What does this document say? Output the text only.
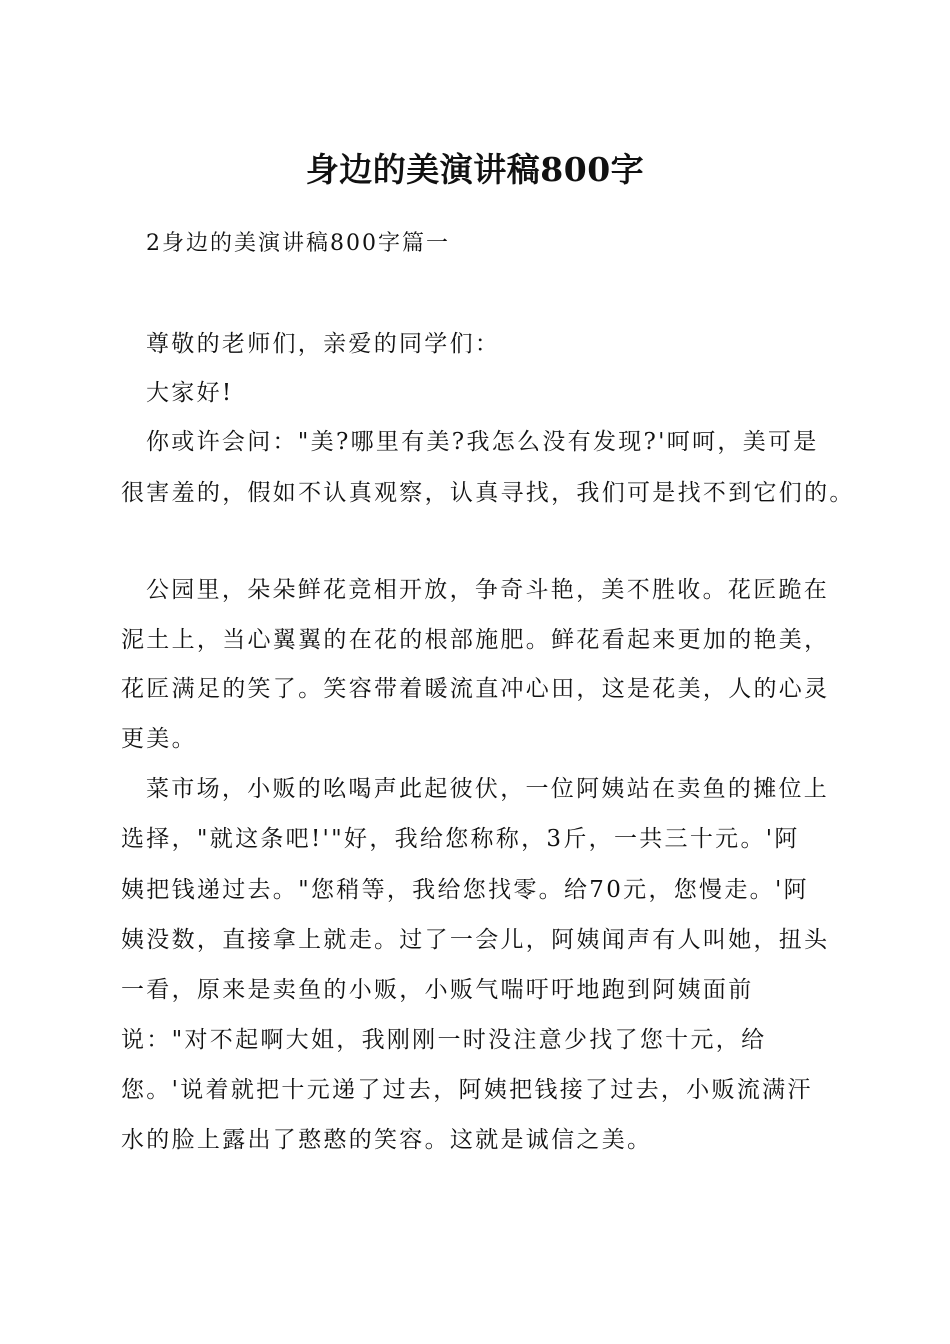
身边的美演讲稿800字
2身边的美演讲稿800字篇一
尊敬的老师们，亲爱的同学们：
大家好!
你或许会问："美?哪里有美?我怎么没有发现?'呵呵，美可是
很害羞的，假如不认真观察，认真寻找，我们可是找不到它们的。
公园里，朵朵鲜花竞相开放，争奇斗艳，美不胜收。花匠跪在
泥土上，当心翼翼的在花的根部施肥。鲜花看起来更加的艳美，
花匠满足的笑了。笑容带着暖流直冲心田，这是花美，人的心灵
更美。
菜市场，小贩的吆喝声此起彼伏，一位阿姨站在卖鱼的摊位上
选择，"就这条吧!'"好，我给您称称，3斤，一共三十元。'阿
姨把钱递过去。"您稍等，我给您找零。给70元，您慢走。'阿
姨没数，直接拿上就走。过了一会儿，阿姨闻声有人叫她，扭头
一看，原来是卖鱼的小贩，小贩气喘吁吁地跑到阿姨面前
说："对不起啊大姐，我刚刚一时没注意少找了您十元，给
您。'说着就把十元递了过去，阿姨把钱接了过去，小贩流满汗
水的脸上露出了憨憨的笑容。这就是诚信之美。
